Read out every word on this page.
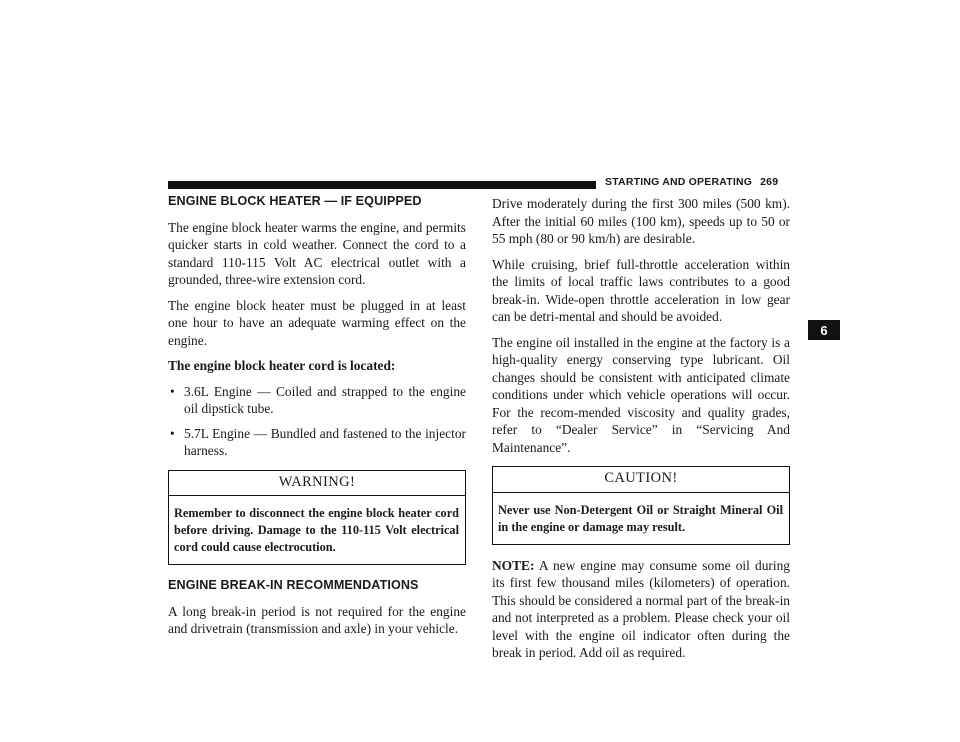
STARTING AND OPERATING 269
6
ENGINE BLOCK HEATER — IF EQUIPPED

The engine block heater warms the engine, and permits quicker starts in cold weather. Connect the cord to a standard 110-115 Volt AC electrical outlet with a grounded, three-wire extension cord.

The engine block heater must be plugged in at least one hour to have an adequate warming effect on the engine.

The engine block heater cord is located:

• 3.6L Engine — Coiled and strapped to the engine oil dipstick tube.
• 5.7L Engine — Bundled and fastened to the injector harness.
WARNING!
Remember to disconnect the engine block heater cord before driving. Damage to the 110-115 Volt electrical cord could cause electrocution.
ENGINE BREAK-IN RECOMMENDATIONS

A long break-in period is not required for the engine and drivetrain (transmission and axle) in your vehicle.

Drive moderately during the first 300 miles (500 km). After the initial 60 miles (100 km), speeds up to 50 or 55 mph (80 or 90 km/h) are desirable.

While cruising, brief full-throttle acceleration within the limits of local traffic laws contributes to a good break-in. Wide-open throttle acceleration in low gear can be detri-mental and should be avoided.

The engine oil installed in the engine at the factory is a high-quality energy conserving type lubricant. Oil changes should be consistent with anticipated climate conditions under which vehicle operations will occur. For the recom-mended viscosity and quality grades, refer to “Dealer Service” in “Servicing And Maintenance”.

CAUTION!
Never use Non-Detergent Oil or Straight Mineral Oil in the engine or damage may result.

NOTE: A new engine may consume some oil during its first few thousand miles (kilometers) of operation. This should be considered a normal part of the break-in and not interpreted as a problem. Please check your oil level with the engine oil indicator often during the break in period. Add oil as required.
